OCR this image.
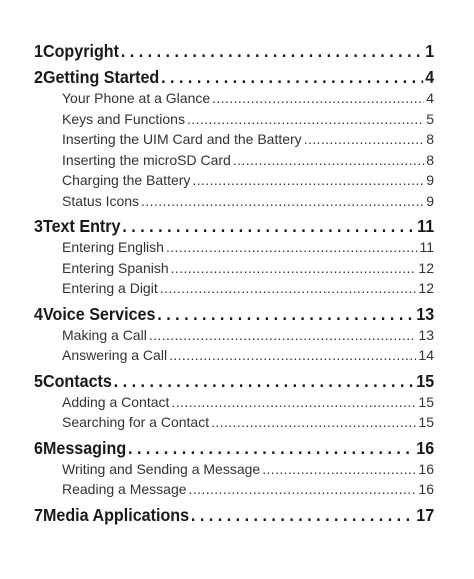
1 Copyright . . .	1
2 Getting Started . . .	4
Your Phone at a Glance .....	4
Keys and Functions .....	5
Inserting the UIM Card and the Battery .....	8
Inserting the microSD Card .....	8
Charging the Battery .....	9
Status Icons .....	9
3 Text Entry . . .	11
Entering English .....	11
Entering Spanish .....	12
Entering a Digit .....	12
4 Voice Services . . .	13
Making a Call .....	13
Answering a Call .....	14
5 Contacts . . .	15
Adding a Contact .....	15
Searching for a Contact .....	15
6 Messaging . . .	16
Writing and Sending a Message .....	16
Reading a Message .....	16
7 Media Applications . . .	17
